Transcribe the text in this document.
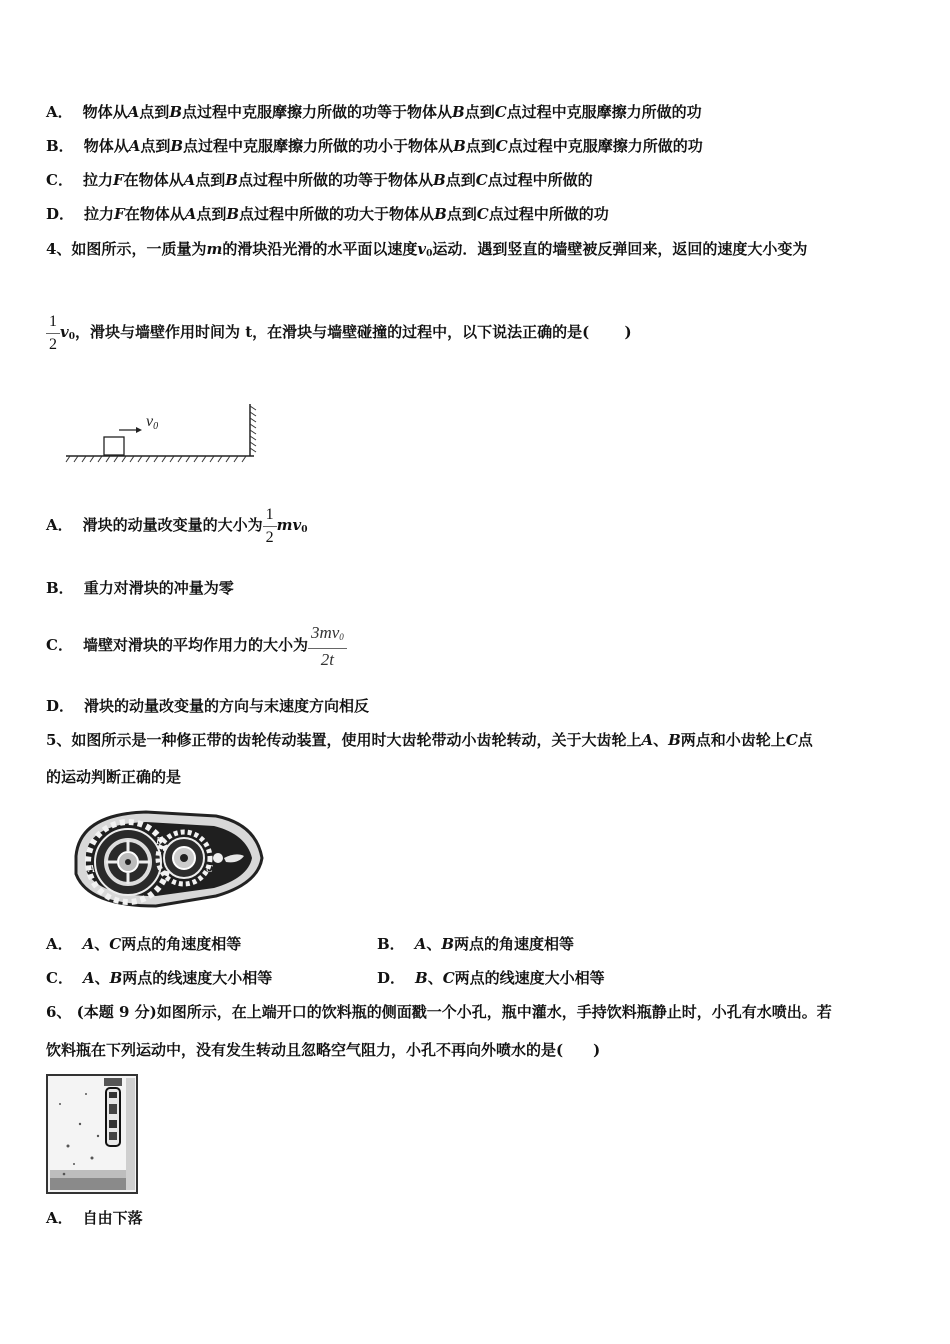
A． 物体从A点到B点过程中克服摩擦力所做的功等于物体从B点到C点过程中克服摩擦力所做的功
B． 物体从A点到B点过程中克服摩擦力所做的功小于物体从B点到C点过程中克服摩擦力所做的功
C． 拉力F在物体从A点到B点过程中所做的功等于物体从B点到C点过程中所做的
D． 拉力F在物体从A点到B点过程中所做的功大于物体从B点到C点过程中所做的功
4、如图所示，一质量为m的滑块沿光滑的水平面以速度$v_0$运动．遇到竖直的墙壁被反弹回来，返回的速度大小变为
$\frac{1}{2} v_0$，滑块与墙壁作用时间为 t，在滑块与墙壁碰撞的过程中，以下说法正确的是(　　 )
v0
A． 滑块的动量改变量的大小为 $\frac{1}{2} mv_0$
B． 重力对滑块的冲量为零
C． 墙壁对滑块的平均作用力的大小为 $\frac{3mv_0}{2t}$
D． 滑块的动量改变量的方向与末速度方向相反
5、如图所示是一种修正带的齿轮传动装置，使用时大齿轮带动小齿轮转动，关于大齿轮上A、B两点和小齿轮上C点
的运动判断正确的是
A
B
C
A． A、C两点的角速度相等	B． A、B两点的角速度相等
C． A、B两点的线速度大小相等	D． B、C两点的线速度大小相等
6、 (本题 9 分)如图所示，在上端开口的饮料瓶的侧面戳一个小孔，瓶中灌水，手持饮料瓶静止时，小孔有水喷出。若
饮料瓶在下列运动中，没有发生转动且忽略空气阻力，小孔不再向外喷水的是(　　)
A． 自由下落
